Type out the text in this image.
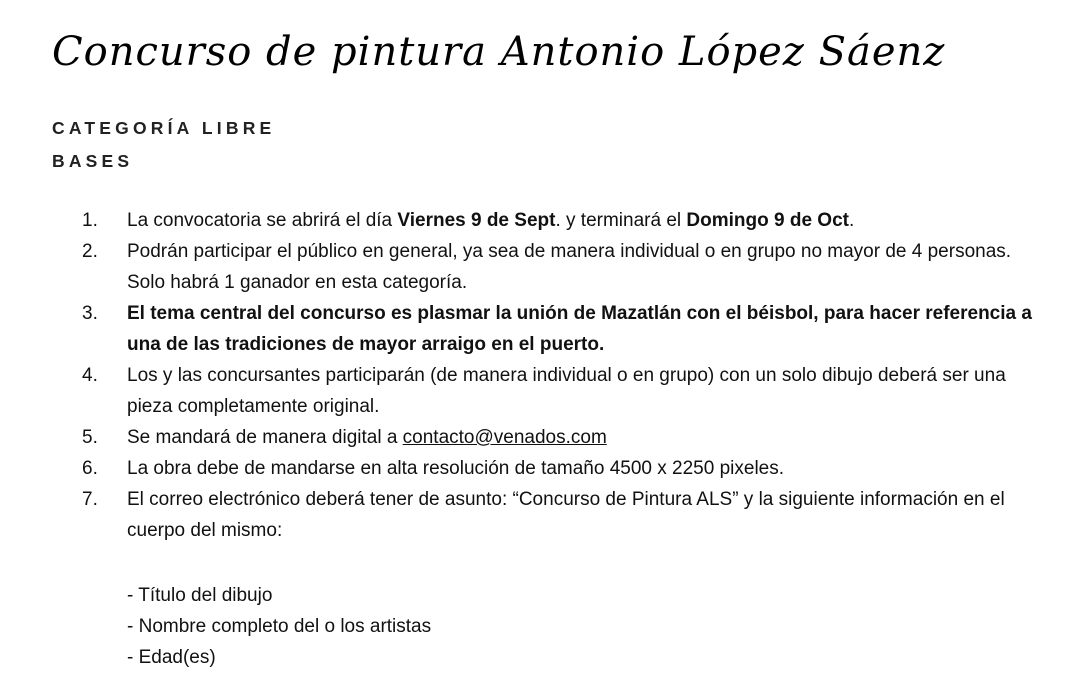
Concurso de pintura Antonio López Sáenz
CATEGORÍA LIBRE
BASES
1.	La convocatoria se abrirá el día Viernes 9 de Sept. y terminará el Domingo 9 de Oct.
2.	Podrán participar el público en general, ya sea de manera individual o en grupo no mayor de 4 personas. Solo habrá 1 ganador en esta categoría.
3.	El tema central del concurso es plasmar la unión de Mazatlán con el béisbol, para hacer referencia a una de las tradiciones de mayor arraigo en el puerto.
4.	Los y las concursantes participarán (de manera individual o en grupo) con un solo dibujo deberá ser una pieza completamente original.
5.	Se mandará de manera digital a contacto@venados.com
6.	La obra debe de mandarse en alta resolución de tamaño 4500 x 2250 pixeles.
7.	El correo electrónico deberá tener de asunto: “Concurso de Pintura ALS” y la siguiente información en el cuerpo del mismo:
- Título del dibujo
- Nombre completo del o los artistas
- Edad(es)
